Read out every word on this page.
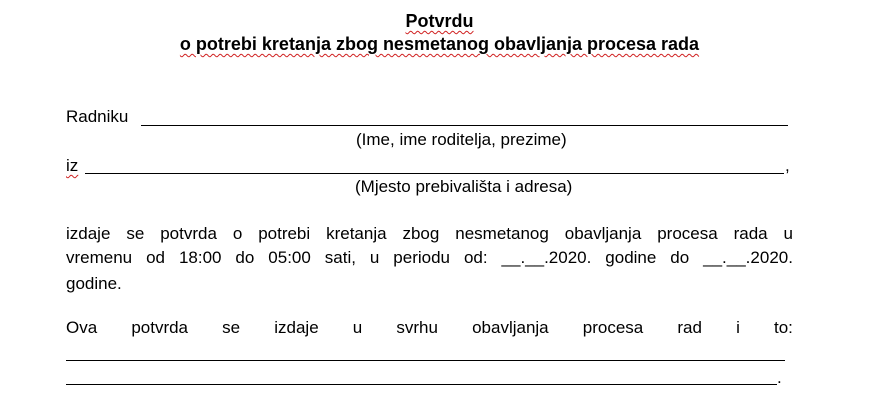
Potvrdu
o potrebi kretanja zbog nesmetanog obavljanja procesa rada
Radniku
(Ime, ime roditelja, prezime)
iz	,
(Mjesto prebivališta i adresa)
izdaje se potvrda o potrebi kretanja zbog nesmetanog obavljanja procesa rada u
vremenu od 18:00 do 05:00 sati, u periodu od: __.__.2020. godine do __.__.2020.
godine.
Ova potvrda se izdaje u svrhu obavljanja procesa rad i to:
.
